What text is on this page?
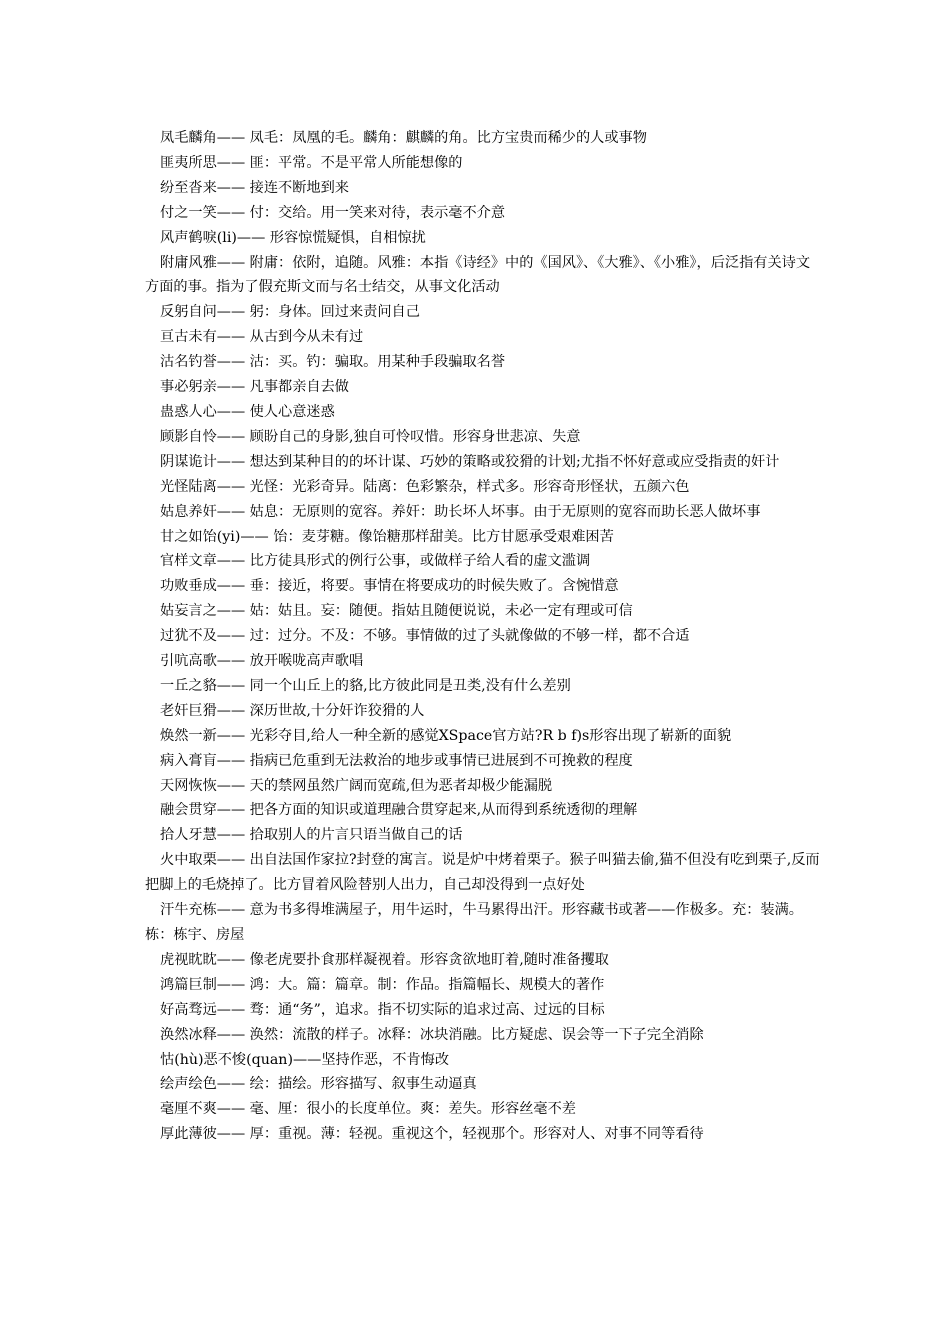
凤毛麟角—— 凤毛：凤凰的毛。麟角：麒麟的角。比方宝贵而稀少的人或事物

匪夷所思—— 匪：平常。不是平常人所能想像的

纷至沓来—— 接连不断地到来

付之一笑—— 付：交给。用一笑来对待，表示毫不介意

风声鹤唳(li)—— 形容惊慌疑惧，自相惊扰

附庸风雅—— 附庸：依附，追随。风雅：本指《诗经》中的《国风》、《大雅》、《小雅》，后泛指有关诗文方面的事。指为了假充斯文而与名士结交，从事文化活动

反躬自问—— 躬：身体。回过来责问自己

亘古未有—— 从古到今从未有过

沽名钓誉—— 沽：买。钓：骗取。用某种手段骗取名誉

事必躬亲—— 凡事都亲自去做

蛊惑人心—— 使人心意迷惑

顾影自怜—— 顾盼自己的身影,独自可怜叹惜。形容身世悲凉、失意

阴谋诡计—— 想达到某种目的的坏计谋、巧妙的策略或狡猾的计划;尤指不怀好意或应受指责的奸计

光怪陆离—— 光怪：光彩奇异。陆离：色彩繁杂，样式多。形容奇形怪状，五颜六色

姑息养奸—— 姑息：无原则的宽容。养奸：助长坏人坏事。由于无原则的宽容而助长恶人做坏事

甘之如饴(yi)—— 饴：麦芽糖。像饴糖那样甜美。比方甘愿承受艰难困苦

官样文章—— 比方徒具形式的例行公事，或做样子给人看的虚文滥调

功败垂成—— 垂：接近，将要。事情在将要成功的时候失败了。含惋惜意

姑妄言之—— 姑：姑且。妄：随便。指姑且随便说说，未必一定有理或可信

过犹不及—— 过：过分。不及：不够。事情做的过了头就像做的不够一样，都不合适

引吭高歌—— 放开喉咙高声歌唱

一丘之貉—— 同一个山丘上的貉,比方彼此同是丑类,没有什么差别

老奸巨猾—— 深历世故,十分奸诈狡猾的人

焕然一新—— 光彩夺目,给人一种全新的感觉XSpace官方站?R b f)s形容出现了崭新的面貌

病入膏肓—— 指病已危重到无法救治的地步或事情已进展到不可挽救的程度

天网恢恢—— 天的禁网虽然广阔而宽疏,但为恶者却极少能漏脱

融会贯穿—— 把各方面的知识或道理融合贯穿起来,从而得到系统透彻的理解

拾人牙慧—— 拾取别人的片言只语当做自己的话

火中取栗—— 出自法国作家拉?封登的寓言。说是炉中烤着栗子。猴子叫猫去偷,猫不但没有吃到栗子,反而把脚上的毛烧掉了。比方冒着风险替别人出力，自己却没得到一点好处

汗牛充栋—— 意为书多得堆满屋子，用牛运时，牛马累得出汗。形容藏书或著——作极多。充：装满。栋：栋宇、房屋

虎视眈眈—— 像老虎要扑食那样凝视着。形容贪欲地盯着,随时准备攫取

鸿篇巨制—— 鸿：大。篇：篇章。制：作品。指篇幅长、规模大的著作

好高骛远—— 骛：通“务”，追求。指不切实际的追求过高、过远的目标

涣然冰释—— 涣然：流散的样子。冰释：冰块消融。比方疑虑、误会等一下子完全消除

怙(hù)恶不悛(quan)——坚持作恶，不肯悔改

绘声绘色—— 绘：描绘。形容描写、叙事生动逼真

毫厘不爽—— 毫、厘：很小的长度单位。爽：差失。形容丝毫不差

厚此薄彼—— 厚：重视。薄：轻视。重视这个，轻视那个。形容对人、对事不同等看待
